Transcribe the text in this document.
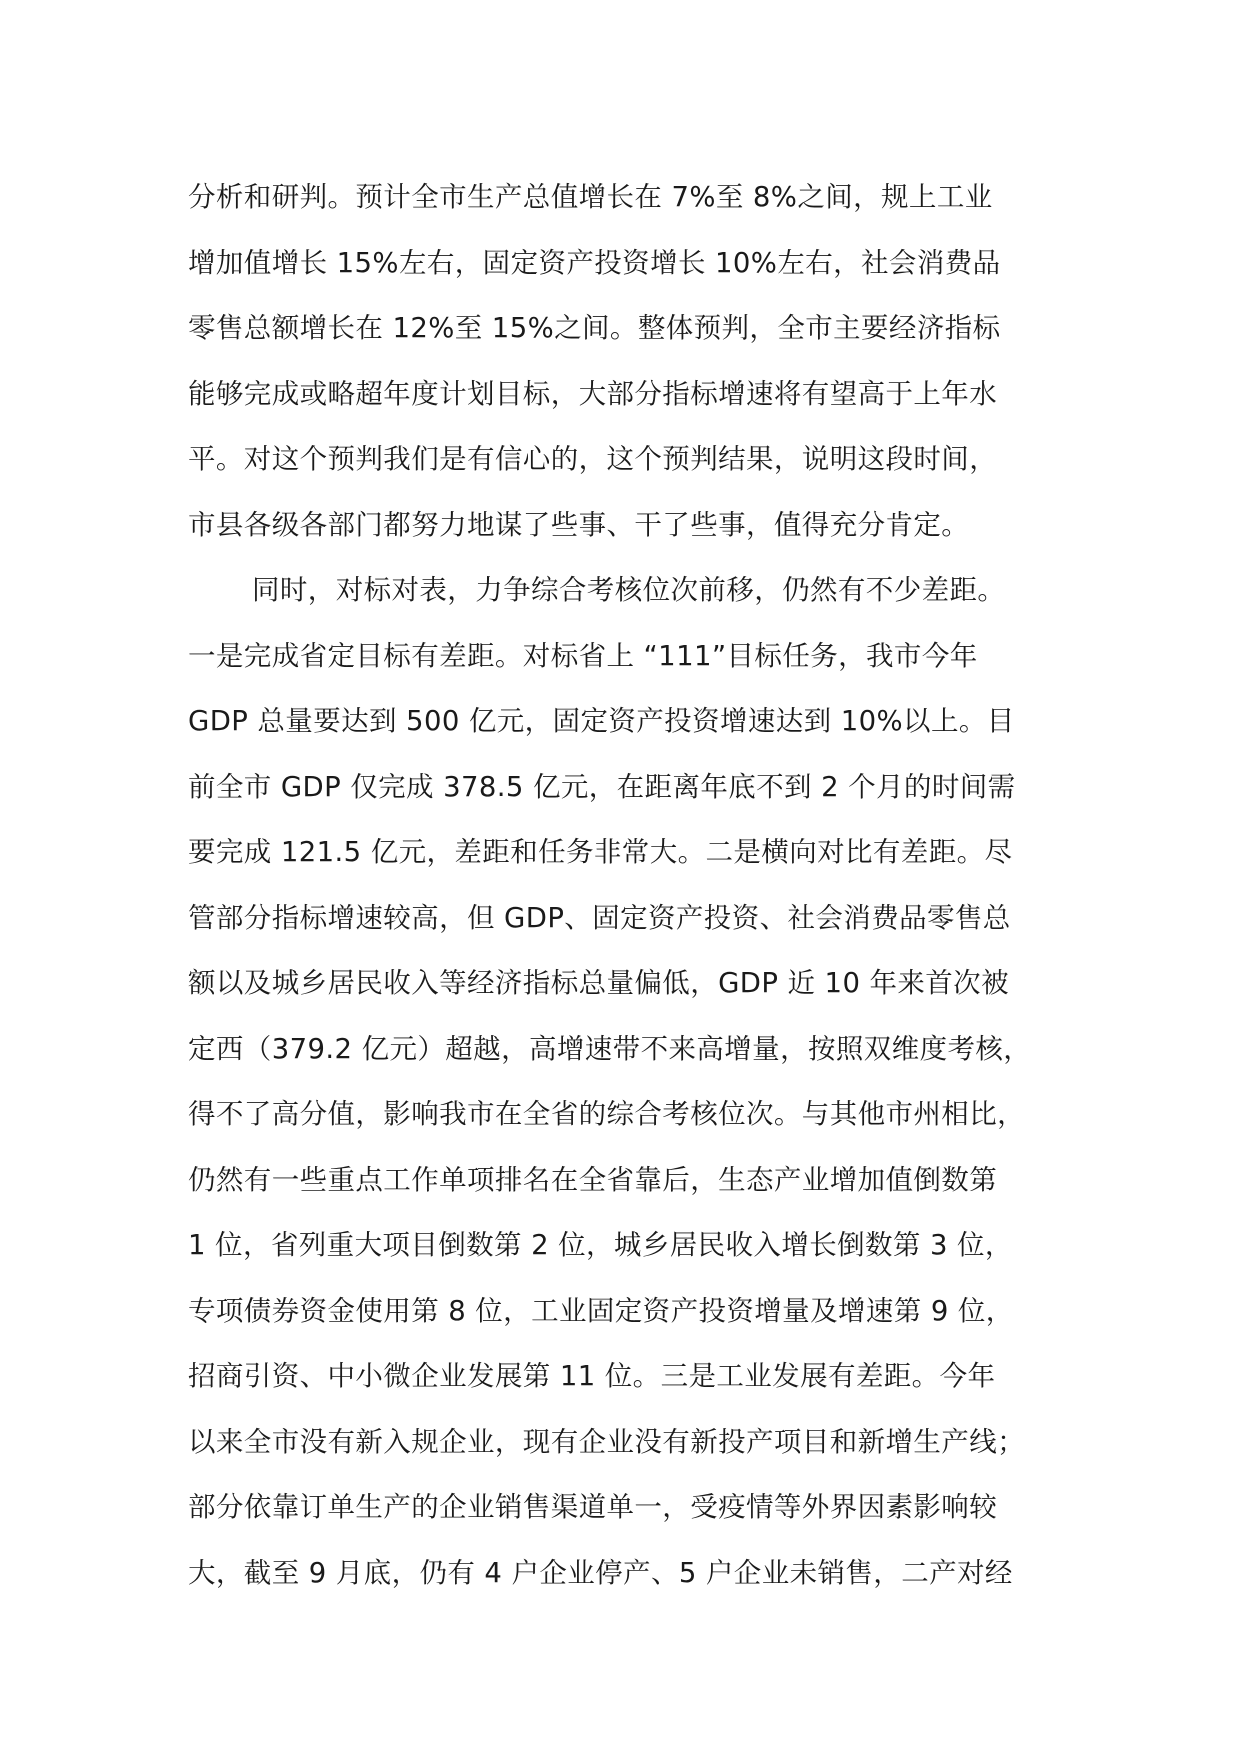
分析和研判。预计全市生产总值增长在 7%至 8%之间，规上工业
增加值增长 15%左右，固定资产投资增长 10%左右，社会消费品
零售总额增长在 12%至 15%之间。整体预判，全市主要经济指标
能够完成或略超年度计划目标，大部分指标增速将有望高于上年水
平。对这个预判我们是有信心的，这个预判结果，说明这段时间，
市县各级各部门都努力地谋了些事、干了些事，值得充分肯定。
同时，对标对表，力争综合考核位次前移，仍然有不少差距。
一是完成省定目标有差距。对标省上 “111”目标任务，我市今年
GDP 总量要达到 500 亿元，固定资产投资增速达到 10%以上。目
前全市 GDP 仅完成 378.5 亿元，在距离年底不到 2 个月的时间需
要完成 121.5 亿元，差距和任务非常大。二是横向对比有差距。尽
管部分指标增速较高，但 GDP、固定资产投资、社会消费品零售总
额以及城乡居民收入等经济指标总量偏低，GDP 近 10 年来首次被
定西（379.2 亿元）超越，高增速带不来高增量，按照双维度考核，
得不了高分值，影响我市在全省的综合考核位次。与其他市州相比，
仍然有一些重点工作单项排名在全省靠后，生态产业增加值倒数第
1 位，省列重大项目倒数第 2 位，城乡居民收入增长倒数第 3 位，
专项债券资金使用第 8 位，工业固定资产投资增量及增速第 9 位，
招商引资、中小微企业发展第 11 位。三是工业发展有差距。今年
以来全市没有新入规企业，现有企业没有新投产项目和新增生产线；
部分依靠订单生产的企业销售渠道单一，受疫情等外界因素影响较
大，截至 9 月底，仍有 4 户企业停产、5 户企业未销售，二产对经
